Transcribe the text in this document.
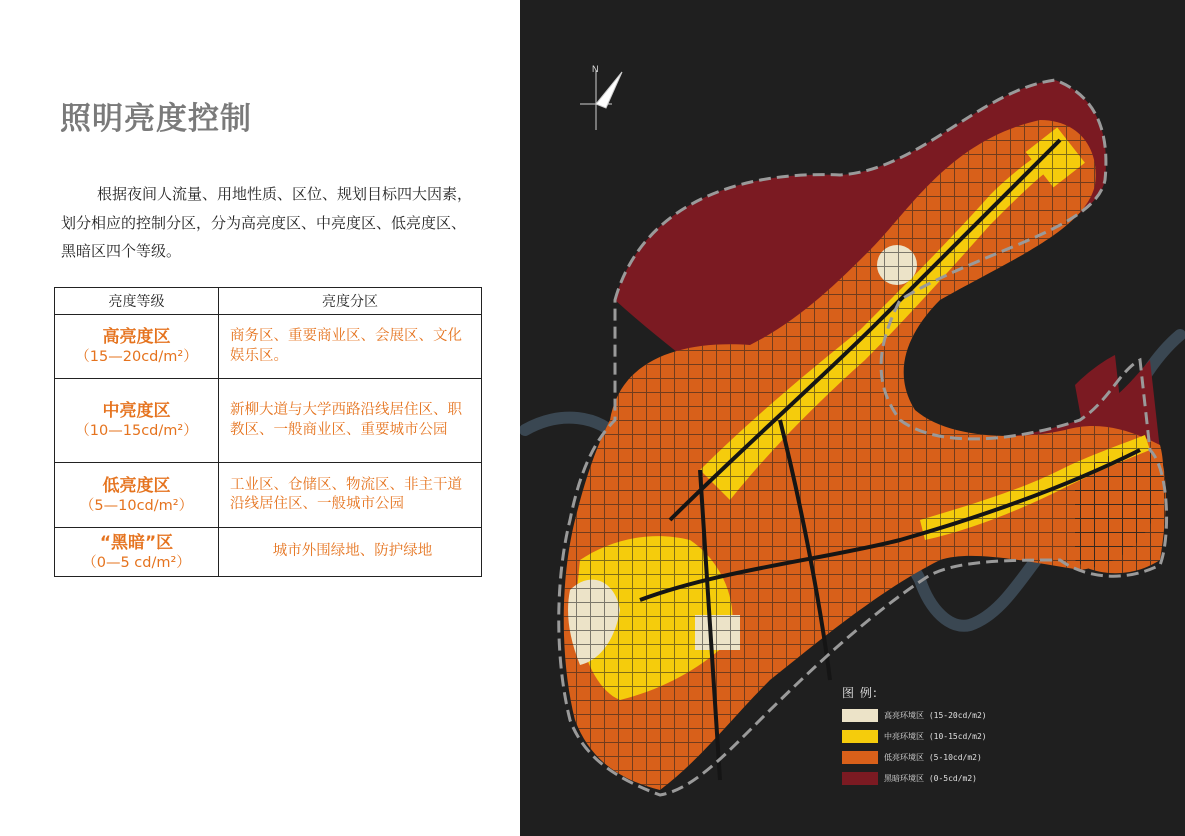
照明亮度控制
根据夜间人流量、用地性质、区位、规划目标四大因素，划分相应的控制分区，分为高亮度区、中亮度区、低亮度区、黑暗区四个等级。
亮度等级	亮度分区

高亮度区
（15—20cd/m²）	商务区、重要商业区、会展区、文化娱乐区。

中亮度区
（10—15cd/m²）	新柳大道与大学西路沿线居住区、职教区、一般商业区、重要城市公园

低亮度区
（5—10cd/m²）	工业区、仓储区、物流区、非主干道沿线居住区、一般城市公园

“黑暗”区
（0—5 cd/m²）	城市外围绿地、防护绿地
N
图 例:
高亮环境区 (15-20cd/m2)
中亮环境区 (10-15cd/m2)
低亮环境区 (5-10cd/m2)
黑暗环境区 (0-5cd/m2)
